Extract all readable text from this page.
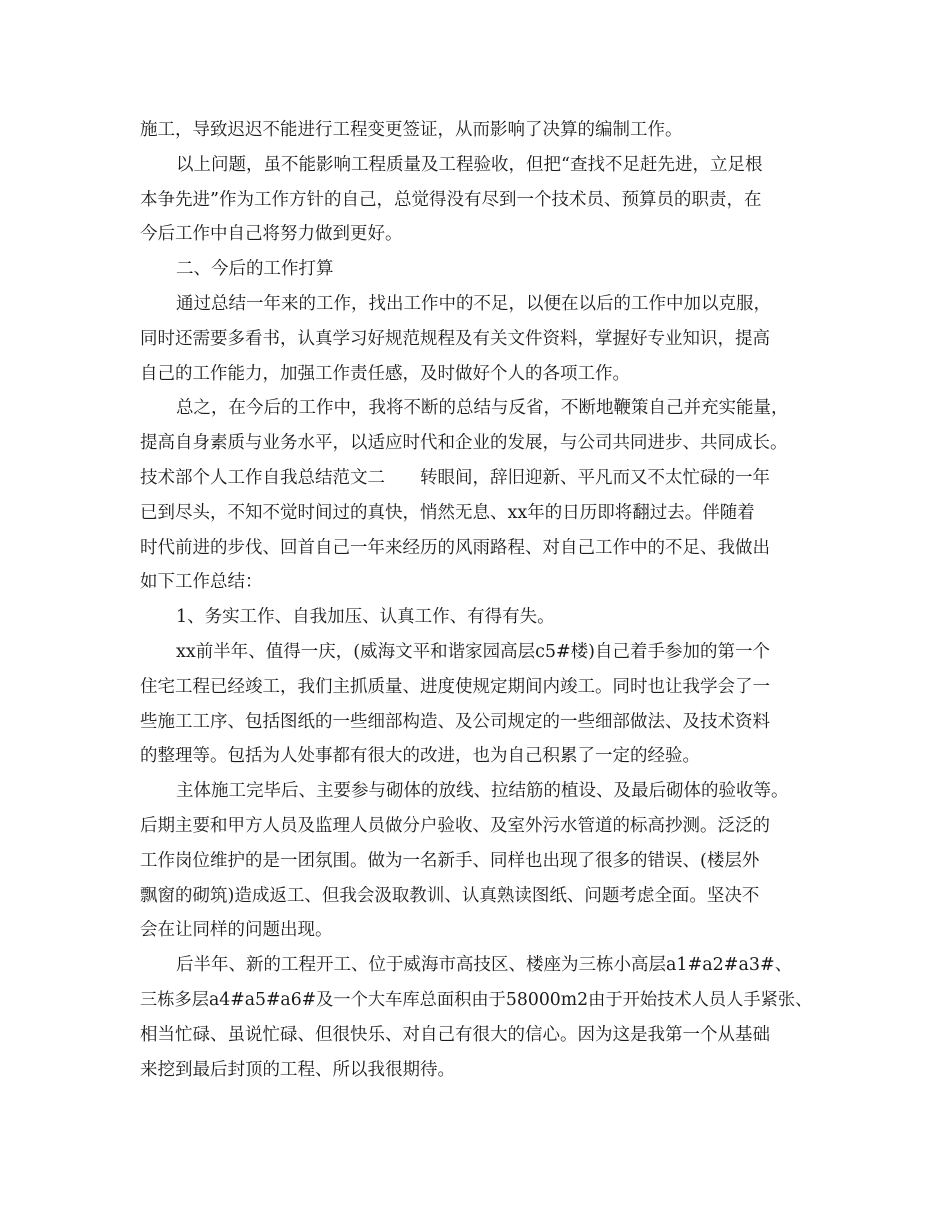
施工，导致迟迟不能进行工程变更签证，从而影响了决算的编制工作。
以上问题，虽不能影响工程质量及工程验收，但把“查找不足赶先进，立足根
本争先进”作为工作方针的自己，总觉得没有尽到一个技术员、预算员的职责，在
今后工作中自己将努力做到更好。
二、今后的工作打算
通过总结一年来的工作，找出工作中的不足，以便在以后的工作中加以克服，
同时还需要多看书，认真学习好规范规程及有关文件资料，掌握好专业知识，提高
自己的工作能力，加强工作责任感，及时做好个人的各项工作。
总之，在今后的工作中，我将不断的总结与反省，不断地鞭策自己并充实能量，
提高自身素质与业务水平，以适应时代和企业的发展，与公司共同进步、共同成长。
技术部个人工作自我总结范文二　　转眼间，辞旧迎新、平凡而又不太忙碌的一年
已到尽头，不知不觉时间过的真快，悄然无息、xx年的日历即将翻过去。伴随着
时代前进的步伐、回首自己一年来经历的风雨路程、对自己工作中的不足、我做出
如下工作总结：
1、务实工作、自我加压、认真工作、有得有失。
xx前半年、值得一庆，(威海文平和谐家园高层c5#楼)自己着手参加的第一个
住宅工程已经竣工，我们主抓质量、进度使规定期间内竣工。同时也让我学会了一
些施工工序、包括图纸的一些细部构造、及公司规定的一些细部做法、及技术资料
的整理等。包括为人处事都有很大的改进，也为自己积累了一定的经验。
主体施工完毕后、主要参与砌体的放线、拉结筋的植设、及最后砌体的验收等。
后期主要和甲方人员及监理人员做分户验收、及室外污水管道的标高抄测。泛泛的
工作岗位维护的是一团氛围。做为一名新手、同样也出现了很多的错误、(楼层外
飘窗的砌筑)造成返工、但我会汲取教训、认真熟读图纸、问题考虑全面。坚决不
会在让同样的问题出现。
后半年、新的工程开工、位于威海市高技区、楼座为三栋小高层a1#a2#a3#、
三栋多层a4#a5#a6#及一个大车库总面积由于58000m2由于开始技术人员人手紧张、
相当忙碌、虽说忙碌、但很快乐、对自己有很大的信心。因为这是我第一个从基础
来挖到最后封顶的工程、所以我很期待。
